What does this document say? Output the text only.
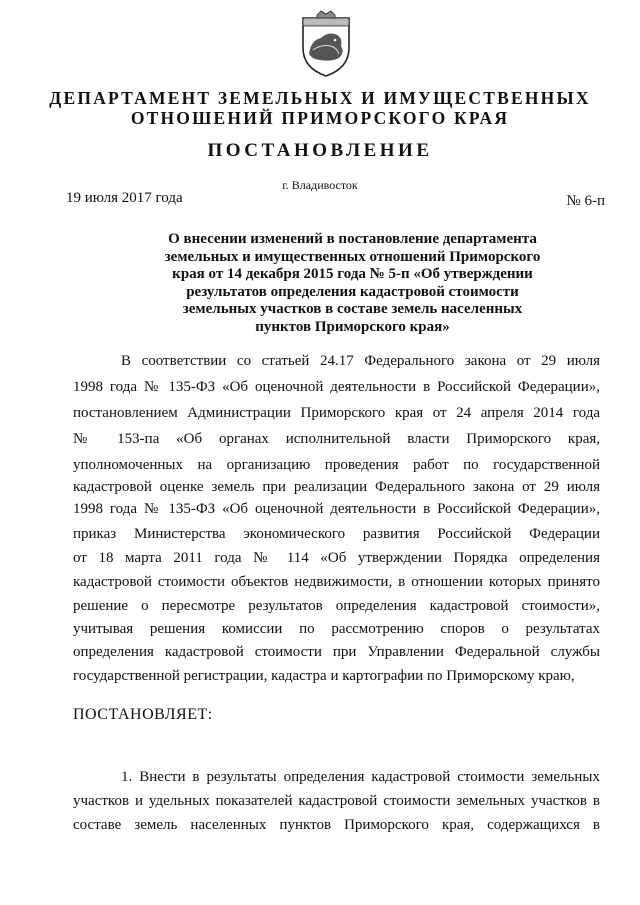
ДЕПАРТАМЕНТ ЗЕМЕЛЬНЫХ И ИМУЩЕСТВЕННЫХ
ОТНОШЕНИЙ ПРИМОРСКОГО КРАЯ
ПОСТАНОВЛЕНИЕ
г. Владивосток
19 июля 2017 года	№ 6-п
О внесении изменений в постановление департамента
земельных и имущественных отношений Приморского
края от 14 декабря 2015 года № 5-п «Об утверждении
результатов определения кадастровой стоимости
земельных участков в составе земель населенных
пунктов Приморского края»
В соответствии со статьей 24.17 Федерального закона от 29 июля
1998 года № 135-ФЗ «Об оценочной деятельности в Российской Федерации»,
постановлением Администрации Приморского края от 24 апреля 2014 года
№ 153-па «Об органах исполнительной власти Приморского края,
уполномоченных на организацию проведения работ по государственной
кадастровой оценке земель при реализации Федерального закона от 29 июля
1998 года № 135-ФЗ «Об оценочной деятельности в Российской Федерации»,
приказ Министерства экономического развития Российской Федерации
от 18 марта 2011 года № 114 «Об утверждении Порядка определения
кадастровой стоимости объектов недвижимости, в отношении которых принято
решение о пересмотре результатов определения кадастровой стоимости»,
учитывая решения комиссии по рассмотрению споров о результатах
определения кадастровой стоимости при Управлении Федеральной службы
государственной регистрации, кадастра и картографии по Приморскому краю,
ПОСТАНОВЛЯЕТ:
1. Внести в результаты определения кадастровой стоимости земельных
участков и удельных показателей кадастровой стоимости земельных участков в
составе земель населенных пунктов Приморского края, содержащихся в
